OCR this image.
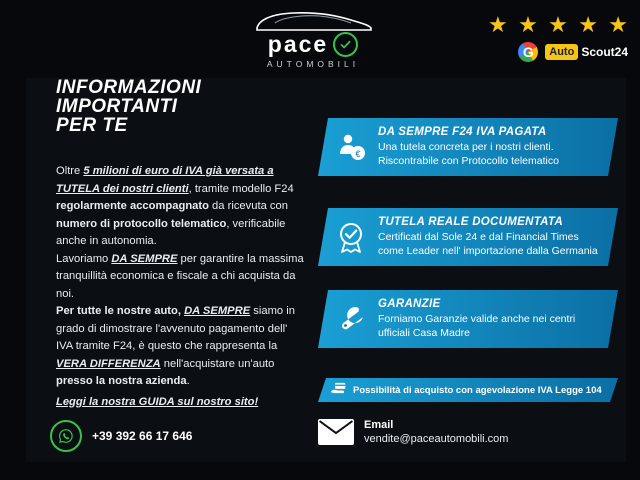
pace
AUTOMOBILI
★ ★ ★ ★ ★
G
Auto Scout24
INFORMAZIONI
IMPORTANTI
PER TE

Oltre 5 milioni di euro di IVA già versata a TUTELA dei nostri clienti, tramite modello F24 regolarmente accompagnato da ricevuta con numero di protocollo telematico, verificabile anche in autonomia.

Lavoriamo DA SEMPRE per garantire la massima tranquillità economica e fiscale a chi acquista da noi.

Per tutte le nostre auto, DA SEMPRE siamo in grado di dimostrare l'avvenuto pagamento dell' IVA tramite F24, è questo che rappresenta la VERA DIFFERENZA nell'acquistare un'auto presso la nostra azienda.

Leggi la nostra GUIDA sul nostro sito!

€
DA SEMPRE F24 IVA PAGATA
Una tutela concreta per i nostri clienti.
Riscontrabile con Protocollo telematico
TUTELA REALE DOCUMENTATA
Certificati dal Sole 24 e dal Financial Times
come Leader nell' importazione dalla Germania
GARANZIE
Forniamo Garanzie valide anche nei centri
ufficiali Casa Madre
Possibilità di acquisto con agevolazione IVA Legge 104
+39 392 66 17 646
Email
vendite@paceautomobili.com
